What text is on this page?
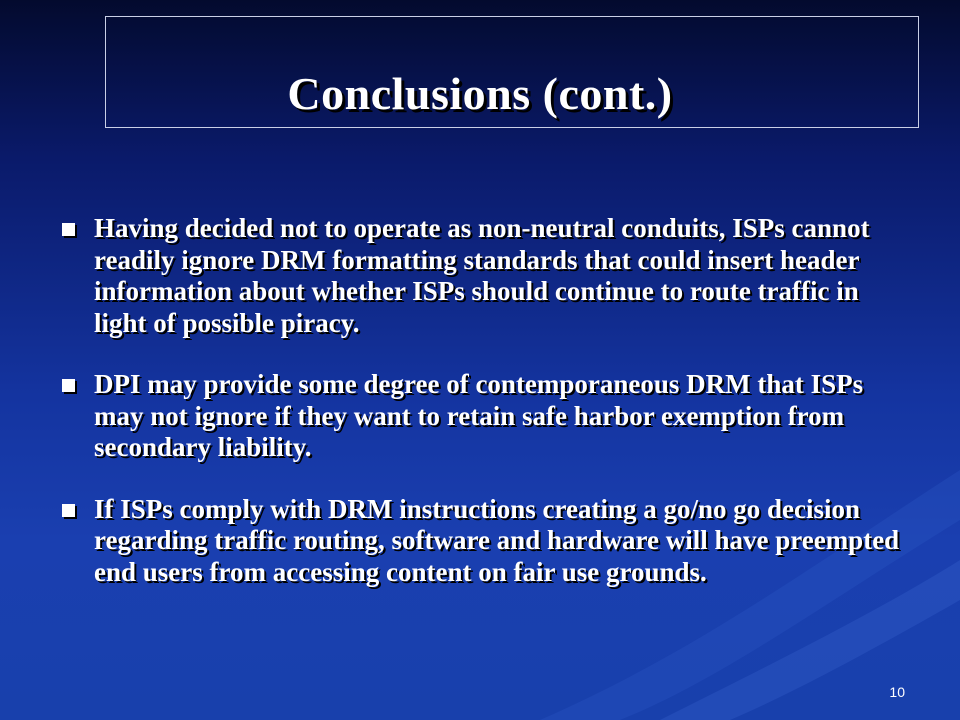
Conclusions (cont.)
Having decided not to operate as non-neutral conduits, ISPs cannot readily ignore DRM formatting standards that could insert header information about whether ISPs should continue to route traffic in light of possible piracy.
DPI may provide some degree of contemporaneous DRM that ISPs may not ignore if they want to retain safe harbor exemption from secondary liability.
If ISPs comply with DRM instructions creating a go/no go decision regarding traffic routing, software and hardware will have preempted end users from accessing content on fair use grounds.
10
